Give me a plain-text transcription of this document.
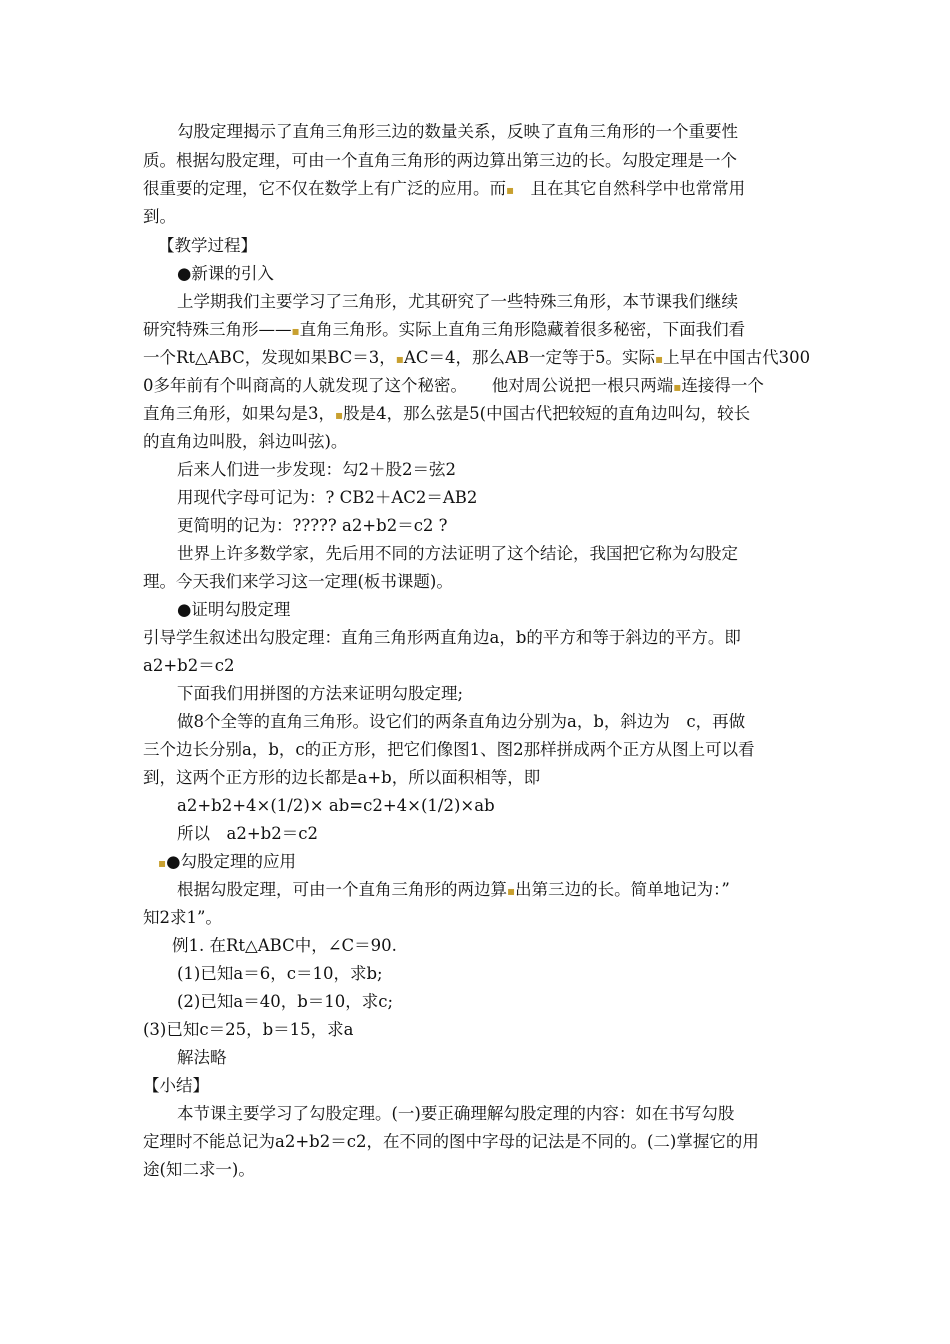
勾股定理揭示了直角三角形三边的数量关系，反映了直角三角形的一个重要性
质。根据勾股定理，可由一个直角三角形的两边算出第三边的长。勾股定理是一个
很重要的定理，它不仅在数学上有广泛的应用。而▪　 且在其它自然科学中也常常用
到。
【教学过程】
●新课的引入
上学期我们主要学习了三角形，尤其研究了一些特殊三角形，本节课我们继续
研究特殊三角形——▪直角三角形。实际上直角三角形隐藏着很多秘密，下面我们看
一个Rt△ABC，发现如果BC＝3，▪AC＝4，那么AB一定等于5。实际▪上早在中国古代300
0多年前有个叫商高的人就发现了这个秘密。　　 他对周公说把一根只两端▪连接得一个
直角三角形，如果勾是3，▪股是4，那么弦是5(中国古代把较短的直角边叫勾，较长
的直角边叫股，斜边叫弦)。
后来人们进一步发现：勾2＋股2＝弦2
用现代字母可记为：? CB2＋AC2＝AB2
更简明的记为：????? a2+b2＝c2 ?
世界上许多数学家，先后用不同的方法证明了这个结论，我国把它称为勾股定
理。今天我们来学习这一定理(板书课题)。
●证明勾股定理
引导学生叙述出勾股定理：直角三角形两直角边a，b的平方和等于斜边的平方。即
a2+b2＝c2
下面我们用拼图的方法来证明勾股定理;
做8个全等的直角三角形。设它们的两条直角边分别为a，b，斜边为　 c，再做
三个边长分别a，b，c的正方形，把它们像图1、图2那样拼成两个正方从图上可以看
到，这两个正方形的边长都是a+b，所以面积相等，即
a2+b2+4×(1/2)× ab=c2+4×(1/2)×ab
所以　a2+b2＝c2
▪●勾股定理的应用
根据勾股定理，可由一个直角三角形的两边算▪出第三边的长。简单地记为：”
知2求1”。
例1. 在Rt△ABC中，∠C＝90.
(1)已知a＝6，c＝10，求b;
(2)已知a＝40，b＝10，求c;
(3)已知c＝25，b＝15，求a
解法略
【小结】
本节课主要学习了勾股定理。(一)要正确理解勾股定理的内容：如在书写勾股
定理时不能总记为a2+b2＝c2，在不同的图中字母的记法是不同的。(二)掌握它的用
途(知二求一)。
